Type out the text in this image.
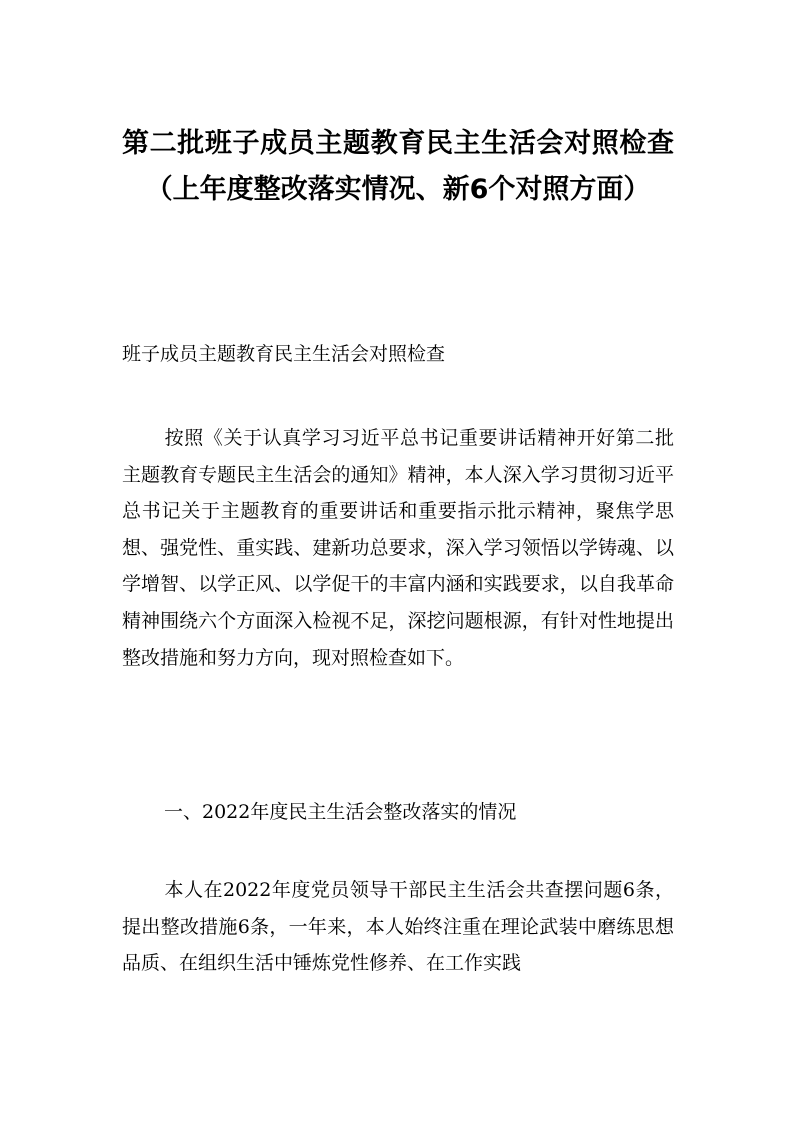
第二批班子成员主题教育民主生活会对照检查（上年度整改落实情况、新6个对照方面）

班子成员主题教育民主生活会对照检查

按照《关于认真学习习近平总书记重要讲话精神开好第二批主题教育专题民主生活会的通知》精神，本人深入学习贯彻习近平总书记关于主题教育的重要讲话和重要指示批示精神，聚焦学思想、强党性、重实践、建新功总要求，深入学习领悟以学铸魂、以学增智、以学正风、以学促干的丰富内涵和实践要求，以自我革命精神围绕六个方面深入检视不足，深挖问题根源，有针对性地提出整改措施和努力方向，现对照检查如下。

一、2022年度民主生活会整改落实的情况

本人在2022年度党员领导干部民主生活会共查摆问题6条，提出整改措施6条，一年来，本人始终注重在理论武装中磨练思想品质、在组织生活中锤炼党性修养、在工作实践
